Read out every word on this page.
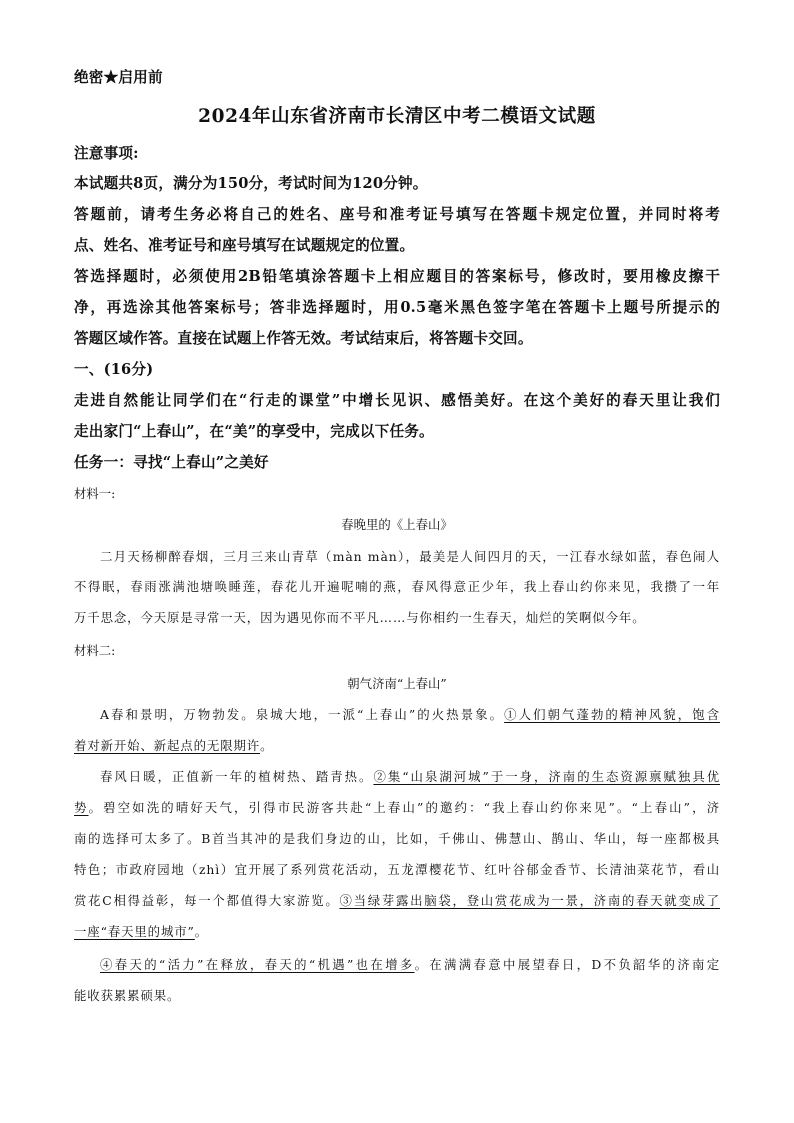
绝密★启用前
2024年山东省济南市长清区中考二模语文试题
注意事项:
本试题共8页，满分为150分，考试时间为120分钟。
答题前，请考生务必将自己的姓名、座号和准考证号填写在答题卡规定位置，并同时将考
点、姓名、准考证号和座号填写在试题规定的位置。
答选择题时，必须使用2B铅笔填涂答题卡上相应题目的答案标号，修改时，要用橡皮擦干
净，再选涂其他答案标号；答非选择题时，用0.5毫米黑色签字笔在答题卡上题号所提示的
答题区域作答。直接在试题上作答无效。考试结束后，将答题卡交回。
一、(16分)
走进自然能让同学们在“行走的课堂”中增长见识、感悟美好。在这个美好的春天里让我们
走出家门“上春山”，在“美”的享受中，完成以下任务。
任务一：寻找“上春山”之美好
材料一:
春晚里的《上春山》
二月天杨柳醉春烟，三月三来山青草（màn màn），最美是人间四月的天，一江春水绿如蓝，春色闹人
不得眠，春雨涨满池塘唤睡莲，春花儿开遍呢喃的燕，春风得意正少年，我上春山约你来见，我攒了一年
万千思念，今天原是寻常一天，因为遇见你而不平凡……与你相约一生春天，灿烂的笑啊似今年。
材料二:
朝气济南“上春山”
A春和景明，万物勃发。泉城大地，一派“上春山”的火热景象。①人们朝气蓬勃的精神风貌，饱含
着对新开始、新起点的无限期许。
春风日暖，正值新一年的植树热、踏青热。②集“山泉湖河城”于一身，济南的生态资源禀赋独具优
势。碧空如洗的晴好天气，引得市民游客共赴“上春山”的邀约：“我上春山约你来见”。“上春山”，济
南的选择可太多了。B首当其冲的是我们身边的山，比如，千佛山、佛慧山、鹊山、华山，每一座都极具
特色；市政府园地（zhì）宜开展了系列赏花活动，五龙潭樱花节、红叶谷郁金香节、长清油菜花节，看山
赏花C相得益彰，每一个都值得大家游览。③当绿芽露出脑袋，登山赏花成为一景，济南的春天就变成了
一座“春天里的城市”。
④春天的“活力”在释放，春天的“机遇”也在增多。在满满春意中展望春日，D不负韶华的济南定
能收获累累硕果。
